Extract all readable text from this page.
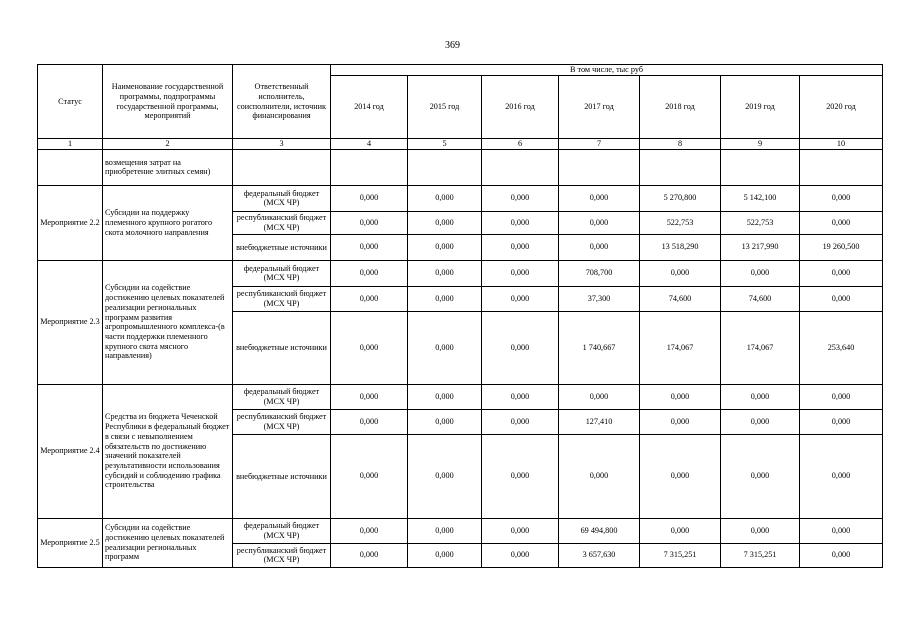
369
Статус	Наименование государственной программы, подпрограммы государственной программы, мероприятий	Ответственный исполнитель, соисполнители, источник финансирования	В том числе, тыс руб						
			2014 год	2015 год	2016 год	2017 год	2018 год	2019 год	2020 год
1	2	3	4	5	6	7	8	9	10
	возмещения затрат на приобретение элитных семян)								
Мероприятие 2.2	Субсидии на поддержку племенного крупного рогатого скота молочного направления	федеральный бюджет (МСХ ЧР)	0,000	0,000	0,000	0,000	5 270,800	5 142,100	0,000
		республиканский бюджет (МСХ ЧР)	0,000	0,000	0,000	0,000	522,753	522,753	0,000
		внебюджетные источники	0,000	0,000	0,000	0,000	13 518,290	13 217,990	19 260,500
Мероприятие 2.3	Субсидии на содействие достижению целевых показателей реализации региональных программ развития агропромышленного комплекса-(в части поддержки племенного крупного скота мясного направления)	федеральный бюджет (МСХ ЧР)	0,000	0,000	0,000	708,700	0,000	0,000	0,000
		республиканский бюджет (МСХ ЧР)	0,000	0,000	0,000	37,300	74,600	74,600	0,000
		внебюджетные источники	0,000	0,000	0,000	1 740,667	174,067	174,067	253,640
Мероприятие 2.4	Средства из бюджета Чеченской Республики в федеральный бюджет в связи с невыполнением обязательств по достижению значений показателей результативности использования субсидий и соблюдению графика строительства	федеральный бюджет (МСХ ЧР)	0,000	0,000	0,000	0,000	0,000	0,000	0,000
		республиканский бюджет (МСХ ЧР)	0,000	0,000	0,000	127,410	0,000	0,000	0,000
		внебюджетные источники	0,000	0,000	0,000	0,000	0,000	0,000	0,000
Мероприятие 2.5	Субсидии на содействие достижению целевых показателей реализации региональных программ	федеральный бюджет (МСХ ЧР)	0,000	0,000	0,000	69 494,800	0,000	0,000	0,000
		республиканский бюджет (МСХ ЧР)	0,000	0,000	0,000	3 657,630	7 315,251	7 315,251	0,000
